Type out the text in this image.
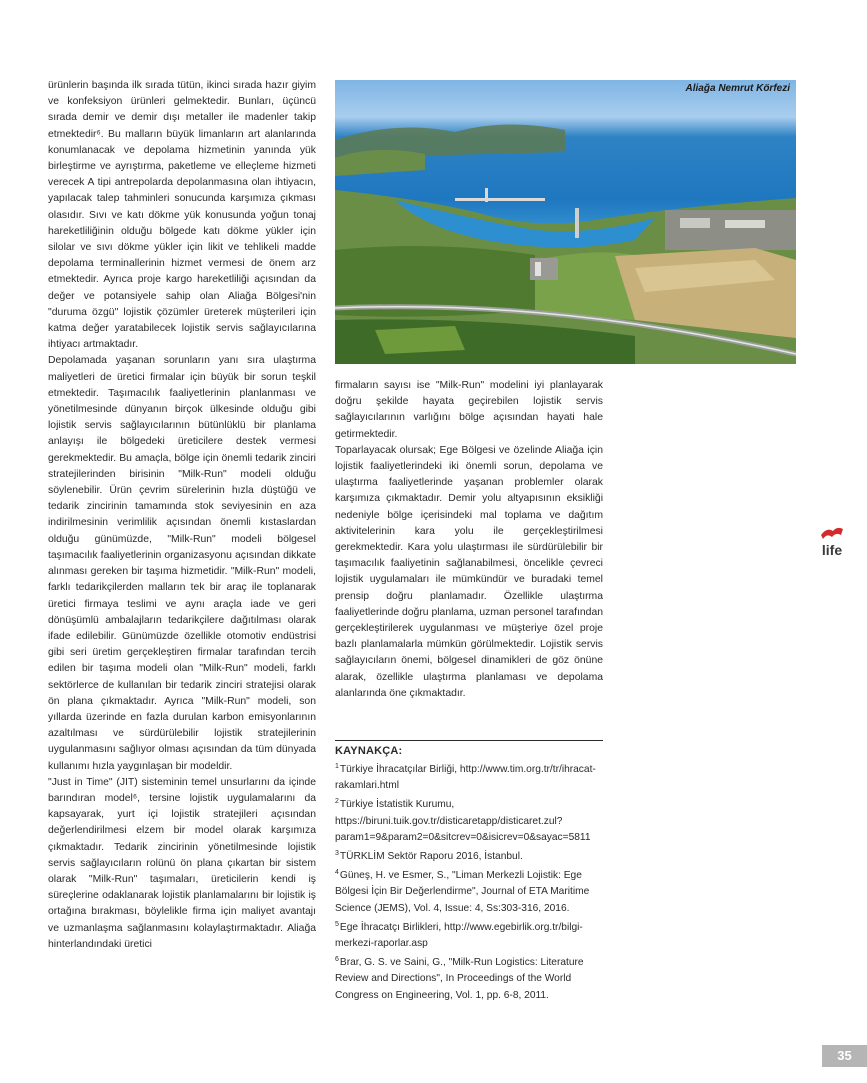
ürünlerin başında ilk sırada tütün, ikinci sırada hazır giyim ve konfeksiyon ürünleri gelmektedir. Bunları, üçüncü sırada demir ve demir dışı metaller ile madenler takip etmektedir⁶. Bu malların büyük limanların art alanlarında konumlanacak ve depolama hizmetinin yanında yük birleştirme ve ayrıştırma, paketleme ve elleçleme hizmeti verecek A tipi antrepolarda depolanmasına olan ihtiyacın, yapılacak talep tahminleri sonucunda karşımıza çıkması olasıdır. Sıvı ve katı dökme yük konusunda yoğun tonaj hareketliliğinin olduğu bölgede katı dökme yükler için silolar ve sıvı dökme yükler için likit ve tehlikeli madde depolama terminallerinin hizmet vermesi de önem arz etmektedir. Ayrıca proje kargo hareketliliği açısından da değer ve potansiyele sahip olan Aliağa Bölgesi'nin "duruma özgü" lojistik çözümler üreterek müşterileri için katma değer yaratabilecek lojistik servis sağlayıcılarına ihtiyacı artmaktadır.

Depolamada yaşanan sorunların yanı sıra ulaştırma maliyetleri de üretici firmalar için büyük bir sorun teşkil etmektedir. Taşımacılık faaliyetlerinin planlanması ve yönetilmesinde dünyanın birçok ülkesinde olduğu gibi lojistik servis sağlayıcılarının bütünlüklü bir planlama anlayışı ile bölgedeki üreticilere destek vermesi gerekmektedir. Bu amaçla, bölge için önemli tedarik zinciri stratejilerinden birisinin "Milk-Run" modeli olduğu söylenebilir. Ürün çevrim sürelerinin hızla düştüğü ve tedarik zincirinin tamamında stok seviyesinin en aza indirilmesinin verimlilik açısından önemli kıstaslardan olduğu günümüzde, "Milk-Run" modeli bölgesel taşımacılık faaliyetlerinin organizasyonu açısından dikkate alınması gereken bir taşıma hizmetidir. "Milk-Run" modeli, farklı tedarikçilerden malların tek bir araç ile toplanarak üretici firmaya teslimi ve aynı araçla iade ve geri dönüşümlü ambalajların tedarikçilere dağıtılması olarak ifade edilebilir. Günümüzde özellikle otomotiv endüstrisi gibi seri üretim gerçekleştiren firmalar tarafından tercih edilen bir taşıma modeli olan "Milk-Run" modeli, farklı sektörlerce de kullanılan bir tedarik zinciri stratejisi olarak ön plana çıkmaktadır. Ayrıca "Milk-Run" modeli, son yıllarda üzerinde en fazla durulan karbon emisyonlarının azaltılması ve sürdürülebilir lojistik stratejilerinin uygulanmasını sağlıyor olması açısından da tüm dünyada kullanımı hızla yaygınlaşan bir modeldir.

"Just in Time" (JIT) sisteminin temel unsurlarını da içinde barındıran model⁶, tersine lojistik uygulamalarını da kapsayarak, yurt içi lojistik stratejileri açısından değerlendirilmesi elzem bir model olarak karşımıza çıkmaktadır. Tedarik zincirinin yönetilmesinde lojistik servis sağlayıcıların rolünü ön plana çıkartan bir sistem olarak "Milk-Run" taşımaları, üreticilerin kendi iş süreçlerine odaklanarak lojistik planlamalarını bir lojistik iş ortağına bırakması, böylelikle firma için maliyet avantajı ve uzmanlaşma sağlanmasını kolaylaştırmaktadır. Aliağa hinterlandındaki üretici

Aliağa Nemrut Körfezi

firmaların sayısı ise "Milk-Run" modelini iyi planlayarak doğru şekilde hayata geçirebilen lojistik servis sağlayıcılarının varlığını bölge açısından hayati hale getirmektedir.

Toparlayacak olursak; Ege Bölgesi ve özelinde Aliağa için lojistik faaliyetlerindeki iki önemli sorun, depolama ve ulaştırma faaliyetlerinde yaşanan problemler olarak karşımıza çıkmaktadır. Demir yolu altyapısının eksikliği nedeniyle bölge içerisindeki mal toplama ve dağıtım aktivitelerinin kara yolu ile gerçekleştirilmesi gerekmektedir. Kara yolu ulaştırması ile sürdürülebilir bir taşımacılık faaliyetinin sağlanabilmesi, öncelikle çevreci lojistik uygulamaları ile mümkündür ve buradaki temel prensip doğru planlamadır. Özellikle ulaştırma faaliyetlerinde doğru planlama, uzman personel tarafından gerçekleştirilerek uygulanması ve müşteriye özel proje bazlı planlamalarla mümkün görülmektedir. Lojistik servis sağlayıcıların önemi, bölgesel dinamikleri de göz önüne alarak, özellikle ulaştırma planlaması ve depolama alanlarında öne çıkmaktadır.

KAYNAKÇA:

$^1$Türkiye İhracatçılar Birliği, http://www.tim.org.tr/tr/ihracat-rakamlari.html

$^2$Türkiye İstatistik Kurumu, https://biruni.tuik.gov.tr/disticaretapp/disticaret.zul?param1=9&param2=0&sitcrev=0&isicrev=0&sayac=5811

$^3$TÜRKLİM Sektör Raporu 2016, İstanbul.

$^4$Güneş, H. ve Esmer, S., "Liman Merkezli Lojistik: Ege Bölgesi İçin Bir Değerlendirme", Journal of ETA Maritime Science (JEMS), Vol. 4, Issue: 4, Ss:303-316, 2016.

$^5$Ege İhracatçı Birlikleri, http://www.egebirlik.org.tr/bilgi-merkezi-raporlar.asp

$^6$Brar, G. S. ve Saini, G., "Milk-Run Logistics: Literature Review and Directions", In Proceedings of the World Congress on Engineering, Vol. 1, pp. 6-8, 2011.

life
35
